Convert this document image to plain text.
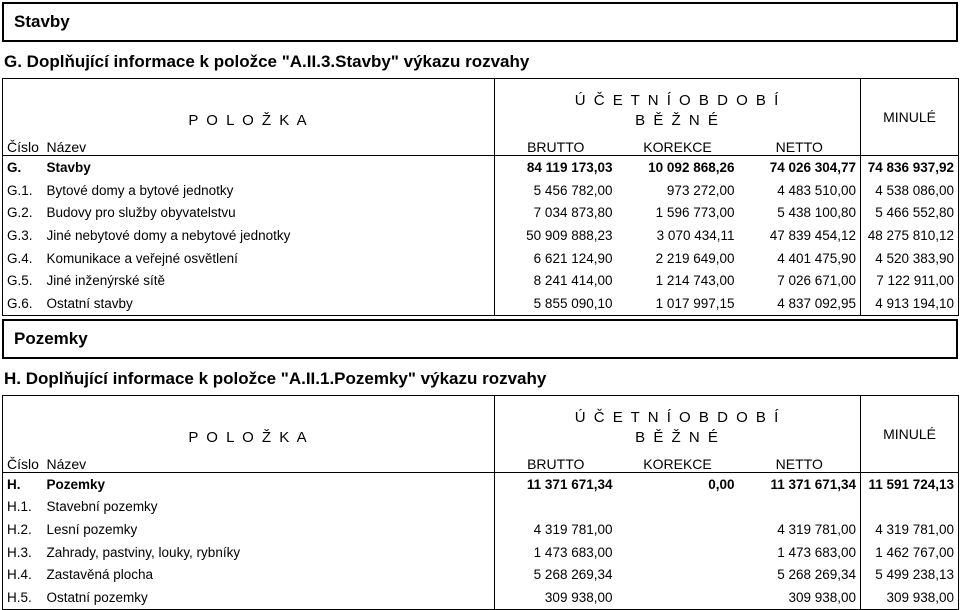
Stavby
G. Doplňující informace k položce "A.II.3.Stavby" výkazu rozvahy
P O L O Ž K A		Ú Č E T N Í O B D O B Í			MINULÉ
		B Ě Ž N É			
Číslo	Název	BRUTTO	KOREKCE	NETTO	
G.	Stavby	84 119 173,03	10 092 868,26	74 026 304,77	74 836 937,92
G.1.	Bytové domy a bytové jednotky	5 456 782,00	973 272,00	4 483 510,00	4 538 086,00
G.2.	Budovy pro služby obyvatelstvu	7 034 873,80	1 596 773,00	5 438 100,80	5 466 552,80
G.3.	Jiné nebytové domy a nebytové jednotky	50 909 888,23	3 070 434,11	47 839 454,12	48 275 810,12
G.4.	Komunikace a veřejné osvětlení	6 621 124,90	2 219 649,00	4 401 475,90	4 520 383,90
G.5.	Jiné inženýrské sítě	8 241 414,00	1 214 743,00	7 026 671,00	7 122 911,00
G.6.	Ostatní stavby	5 855 090,10	1 017 997,15	4 837 092,95	4 913 194,10
Pozemky
H. Doplňující informace k položce "A.II.1.Pozemky" výkazu rozvahy
P O L O Ž K A		Ú Č E T N Í O B D O B Í			MINULÉ
		B Ě Ž N É			
Číslo	Název	BRUTTO	KOREKCE	NETTO	
H.	Pozemky	11 371 671,34	0,00	11 371 671,34	11 591 724,13
H.1.	Stavební pozemky				
H.2.	Lesní pozemky	4 319 781,00		4 319 781,00	4 319 781,00
H.3.	Zahrady, pastviny, louky, rybníky	1 473 683,00		1 473 683,00	1 462 767,00
H.4.	Zastavěná plocha	5 268 269,34		5 268 269,34	5 499 238,13
H.5.	Ostatní pozemky	309 938,00		309 938,00	309 938,00
